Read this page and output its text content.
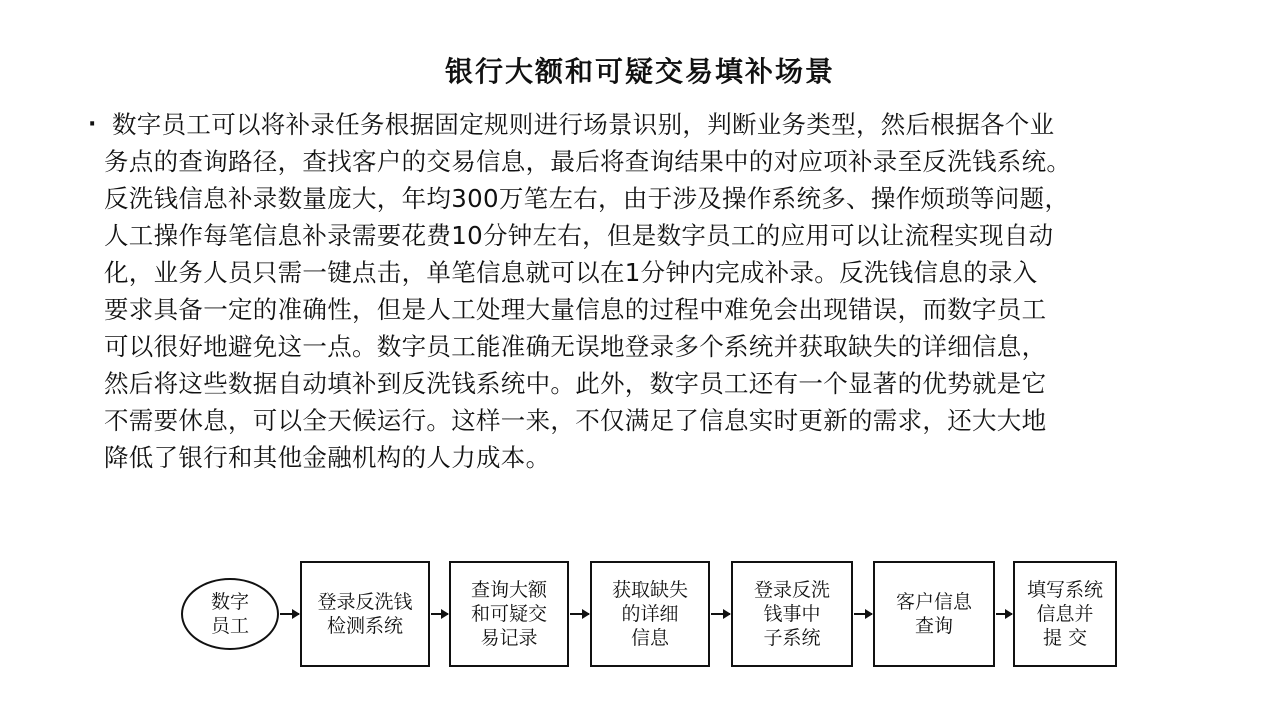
银行大额和可疑交易填补场景
· 数字员工可以将补录任务根据固定规则进行场景识别，判断业务类型，然后根据各个业
务点的查询路径，查找客户的交易信息，最后将查询结果中的对应项补录至反洗钱系统。
反洗钱信息补录数量庞大，年均300万笔左右，由于涉及操作系统多、操作烦琐等问题，
人工操作每笔信息补录需要花费10分钟左右，但是数字员工的应用可以让流程实现自动
化，业务人员只需一键点击，单笔信息就可以在1分钟内完成补录。反洗钱信息的录入
要求具备一定的准确性，但是人工处理大量信息的过程中难免会出现错误，而数字员工
可以很好地避免这一点。数字员工能准确无误地登录多个系统并获取缺失的详细信息，
然后将这些数据自动填补到反洗钱系统中。此外，数字员工还有一个显著的优势就是它
不需要休息，可以全天候运行。这样一来，不仅满足了信息实时更新的需求，还大大地
降低了银行和其他金融机构的人力成本。
数字
员工
登录反洗钱
检测系统
查询大额
和可疑交
易记录
获取缺失
的详细
信息
登录反洗
钱事中
子系统
客户信息
查询
填写系统
信息并
提 交
